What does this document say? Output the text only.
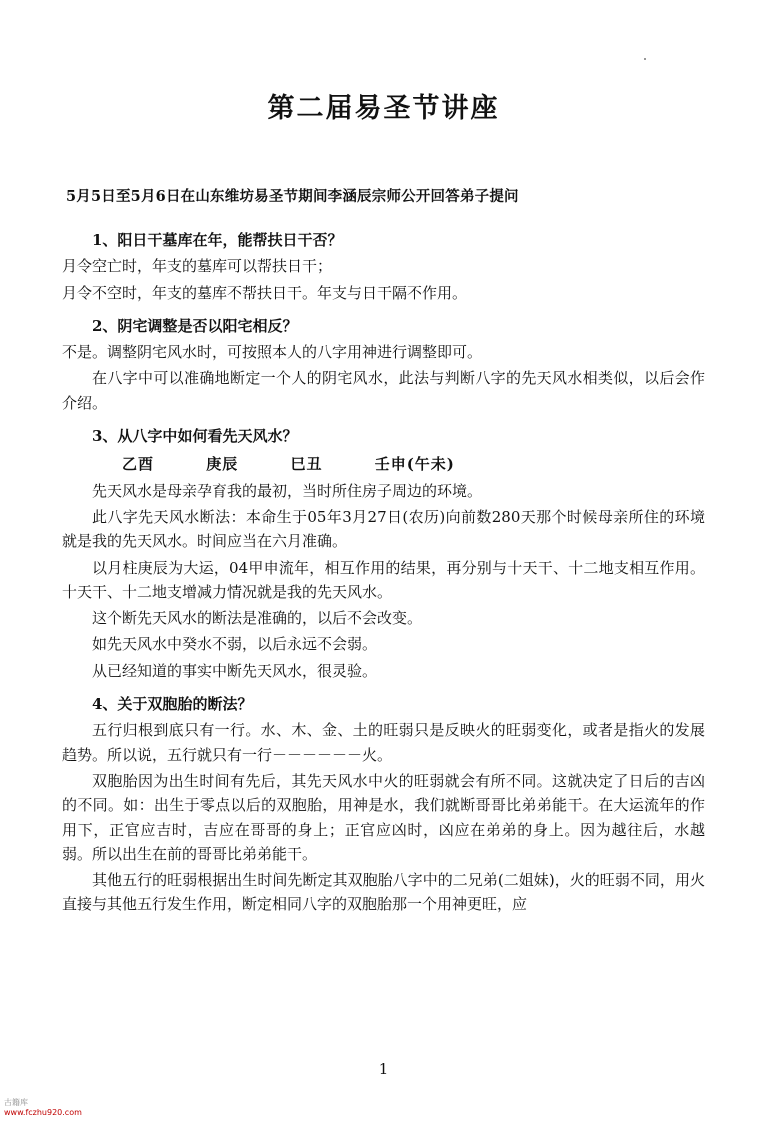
第二届易圣节讲座
5月5日至5月6日在山东维坊易圣节期间李涵辰宗师公开回答弟子提问

1、阳日干墓库在年，能帮扶日干否？

月令空亡时，年支的墓库可以帮扶日干；

月令不空时，年支的墓库不帮扶日干。年支与日干隔不作用。

2、阴宅调整是否以阳宅相反？

不是。调整阴宅风水时，可按照本人的八字用神进行调整即可。

在八字中可以准确地断定一个人的阴宅风水，此法与判断八字的先天风水相类似，以后会作介绍。

3、从八字中如何看先天风水？

乙酉	庚辰	巳丑	壬申(午未)

先天风水是母亲孕育我的最初，当时所住房子周边的环境。

此八字先天风水断法：本命生于05年3月27日(农历)向前数280天那个时候母亲所住的环境就是我的先天风水。时间应当在六月准确。

以月柱庚辰为大运，04甲申流年，相互作用的结果，再分别与十天干、十二地支相互作用。十天干、十二地支增减力情况就是我的先天风水。

这个断先天风水的断法是准确的，以后不会改变。

如先天风水中癸水不弱，以后永远不会弱。

从已经知道的事实中断先天风水，很灵验。

4、关于双胞胎的断法？

五行归根到底只有一行。水、木、金、土的旺弱只是反映火的旺弱变化，或者是指火的发展趋势。所以说，五行就只有一行－－－－－－火。

双胞胎因为出生时间有先后，其先天风水中火的旺弱就会有所不同。这就决定了日后的吉凶的不同。如：出生于零点以后的双胞胎，用神是水，我们就断哥哥比弟弟能干。在大运流年的作用下，正官应吉时，吉应在哥哥的身上；正官应凶时，凶应在弟弟的身上。因为越往后，水越弱。所以出生在前的哥哥比弟弟能干。

其他五行的旺弱根据出生时间先断定其双胞胎八字中的二兄弟(二姐妹)，火的旺弱不同，用火直接与其他五行发生作用，断定相同八字的双胞胎那一个用神更旺，应

1
古籍库
www.fczhu920.com
